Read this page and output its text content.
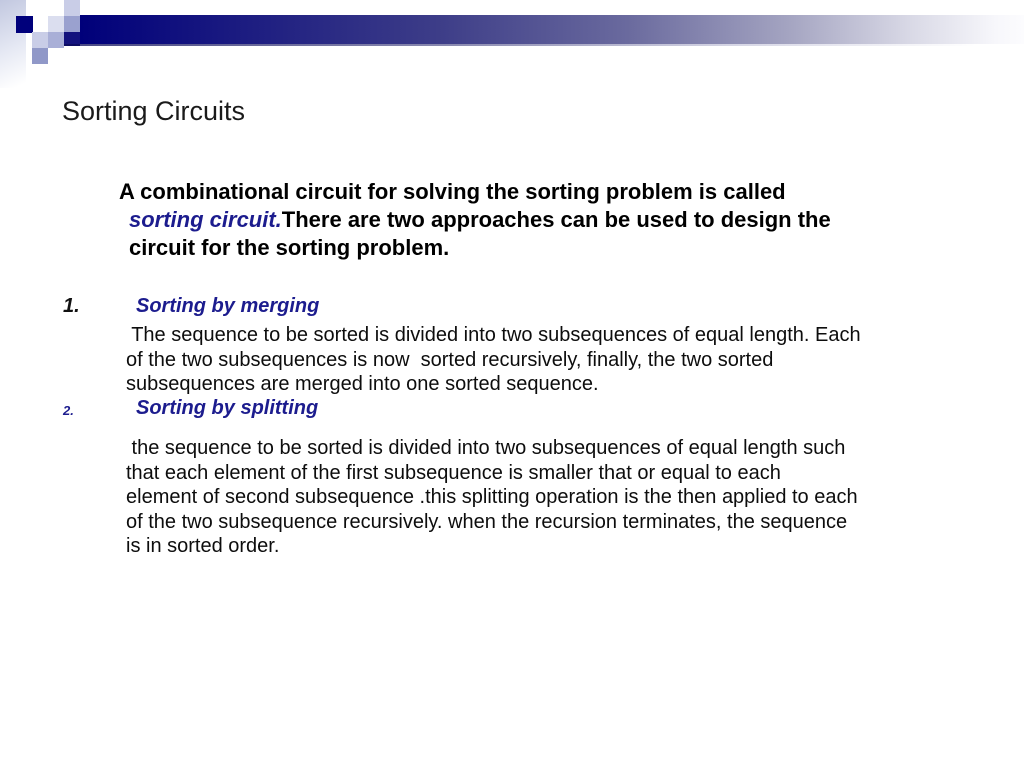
Sorting Circuits
A combinational circuit for solving the sorting problem is called
sorting circuit.There are two approaches can be used to design the
circuit for the sorting problem.
1.	Sorting by merging
The sequence to be sorted is divided into two subsequences of equal length. Each
of the two subsequences is now  sorted recursively, finally, the two sorted
subsequences are merged into one sorted sequence.
2.	Sorting by splitting
the sequence to be sorted is divided into two subsequences of equal length such
that each element of the first subsequence is smaller that or equal to each
element of second subsequence .this splitting operation is the then applied to each
of the two subsequence recursively. when the recursion terminates, the sequence
is in sorted order.
